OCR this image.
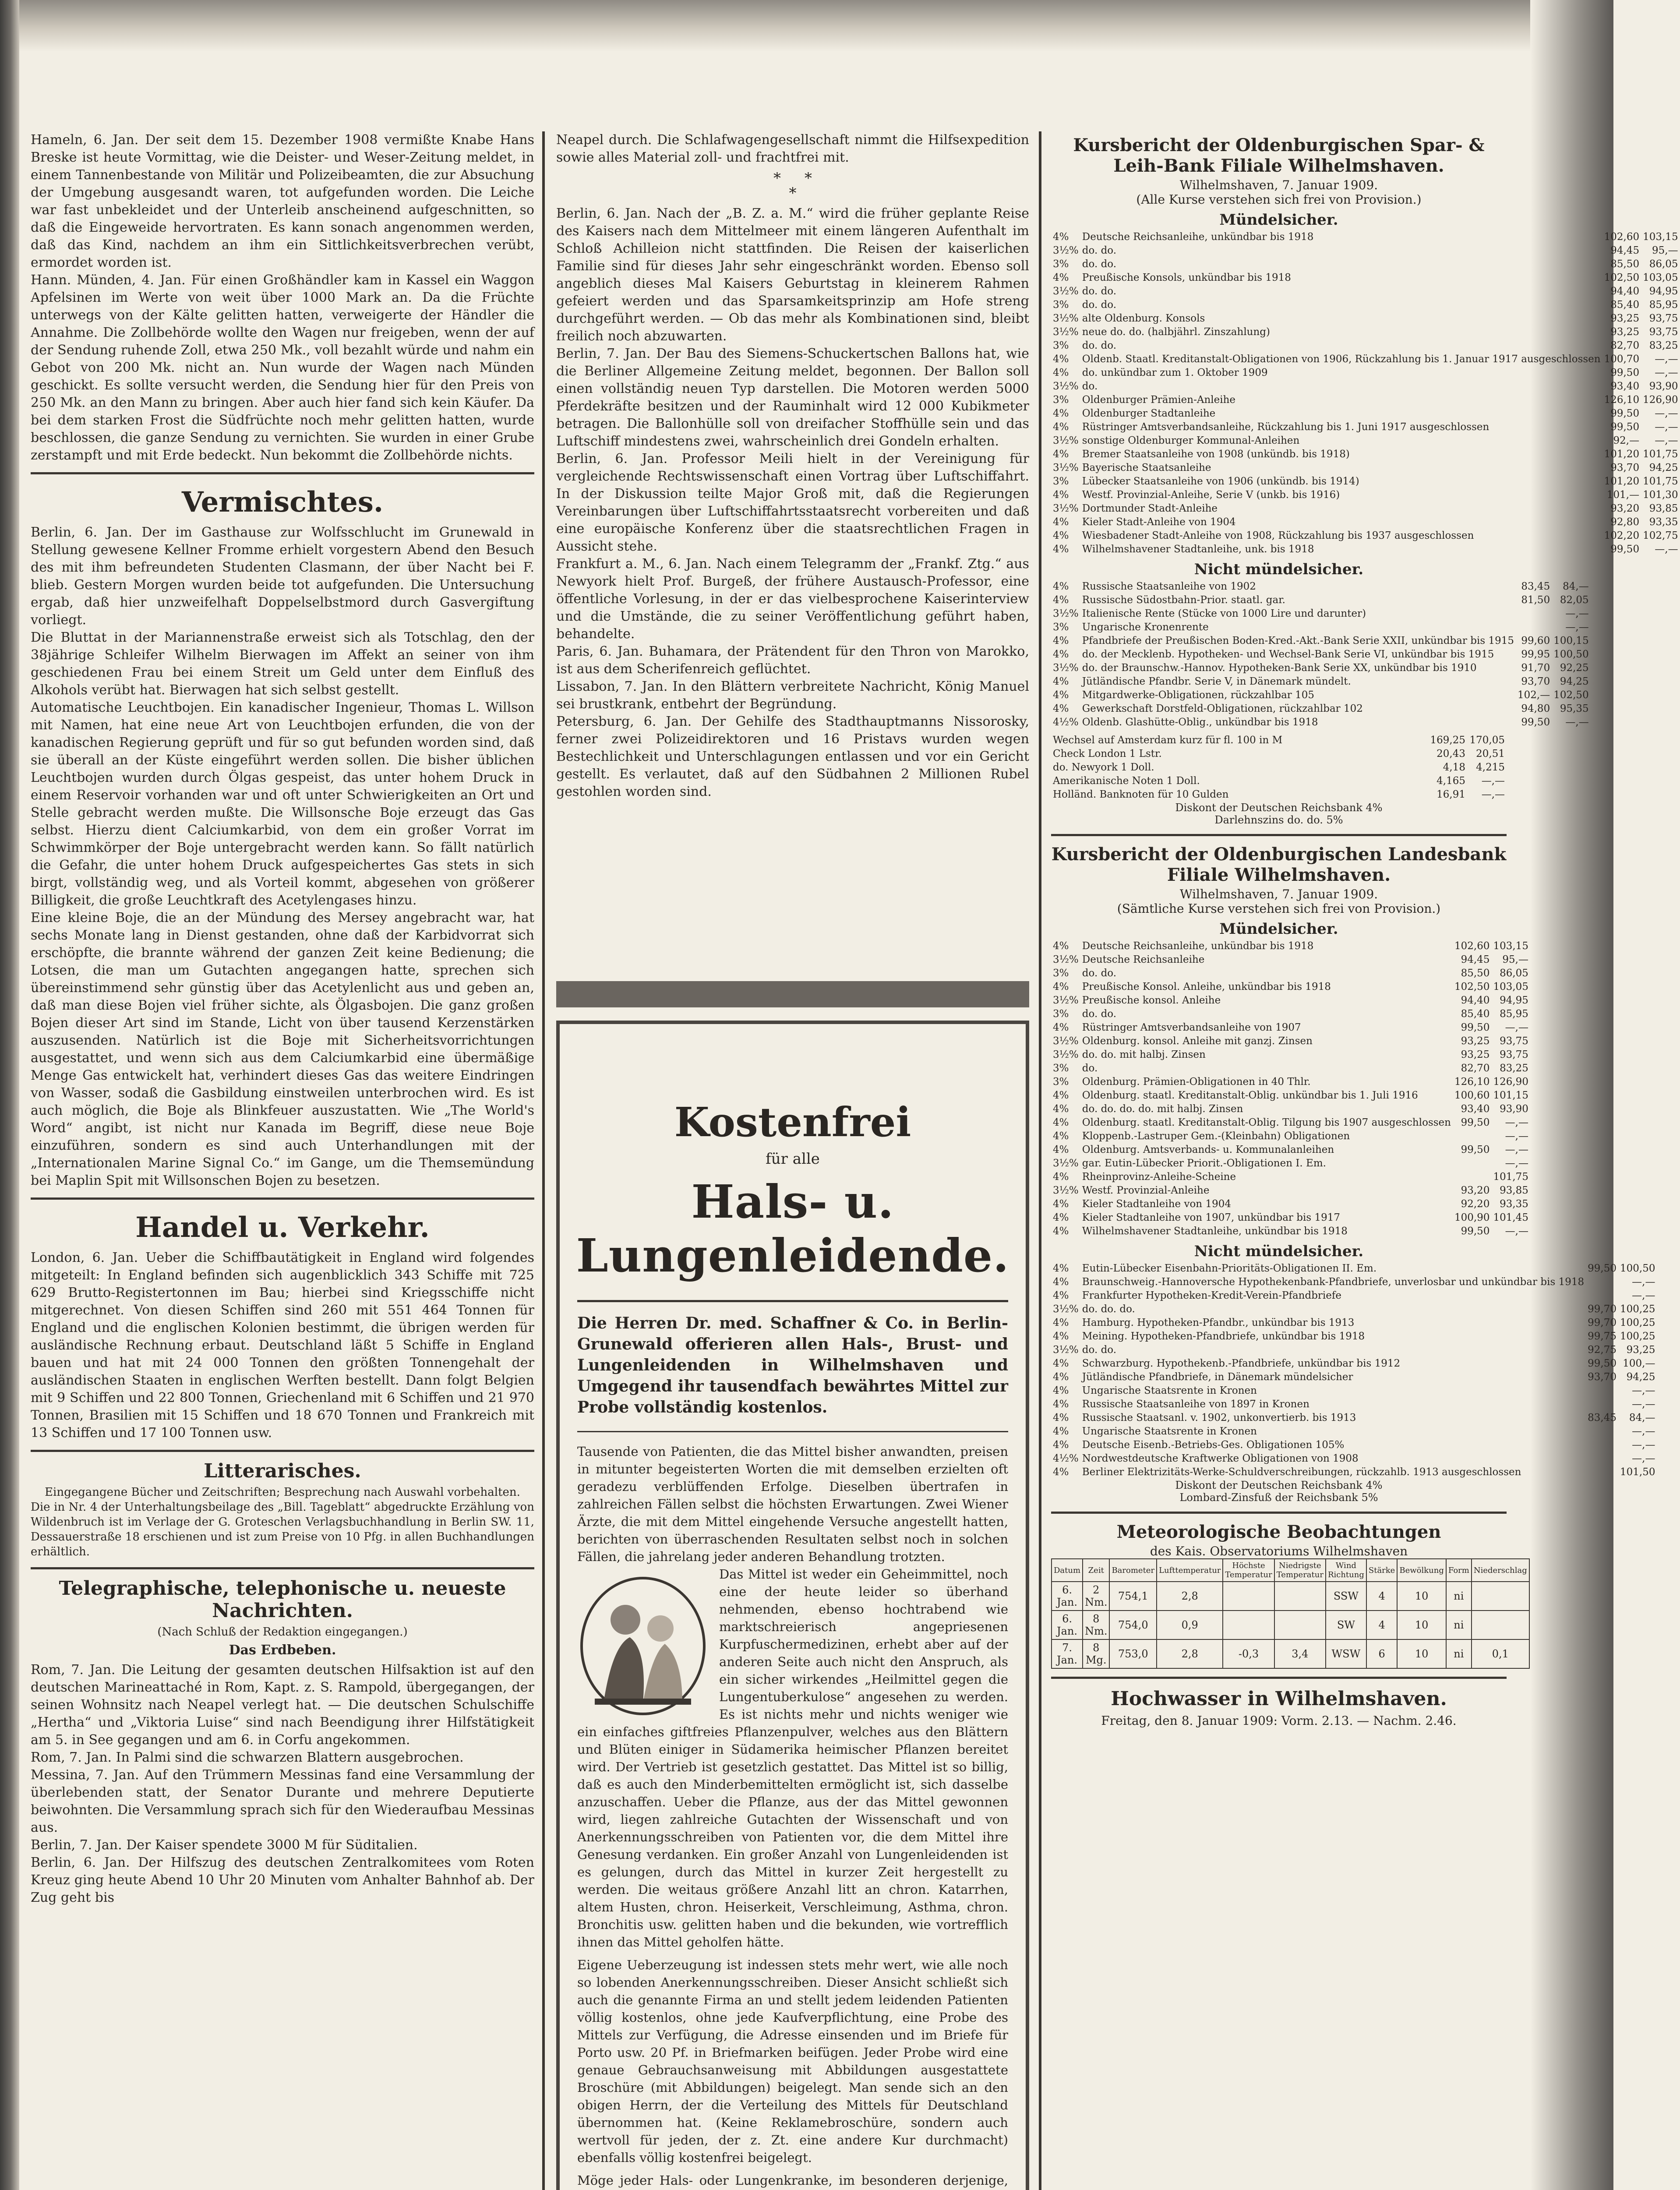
Hameln, 6. Jan. Der seit dem 15. Dezember 1908 vermißte Knabe Hans Breske ist heute Vormittag, wie die Deister- und Weser-Zeitung meldet, in einem Tannenbestande von Militär und Polizeibeamten, die zur Absuchung der Umgebung ausgesandt waren, tot aufgefunden worden. Die Leiche war fast unbekleidet und der Unterleib anscheinend aufgeschnitten, so daß die Eingeweide hervortraten. Es kann sonach angenommen werden, daß das Kind, nachdem an ihm ein Sittlichkeitsverbrechen verübt, ermordet worden ist.

Hann. Münden, 4. Jan. Für einen Großhändler kam in Kassel ein Waggon Apfelsinen im Werte von weit über 1000 Mark an. Da die Früchte unterwegs von der Kälte gelitten hatten, verweigerte der Händler die Annahme. Die Zollbehörde wollte den Wagen nur freigeben, wenn der auf der Sendung ruhende Zoll, etwa 250 Mk., voll bezahlt würde und nahm ein Gebot von 200 Mk. nicht an. Nun wurde der Wagen nach Münden geschickt. Es sollte versucht werden, die Sendung hier für den Preis von 250 Mk. an den Mann zu bringen. Aber auch hier fand sich kein Käufer. Da bei dem starken Frost die Südfrüchte noch mehr gelitten hatten, wurde beschlossen, die ganze Sendung zu vernichten. Sie wurden in einer Grube zerstampft und mit Erde bedeckt. Nun bekommt die Zollbehörde nichts.

Vermischtes.

Berlin, 6. Jan. Der im Gasthause zur Wolfsschlucht im Grunewald in Stellung gewesene Kellner Fromme erhielt vorgestern Abend den Besuch des mit ihm befreundeten Studenten Clasmann, der über Nacht bei F. blieb. Gestern Morgen wurden beide tot aufgefunden. Die Untersuchung ergab, daß hier unzweifelhaft Doppelselbstmord durch Gasvergiftung vorliegt.

Die Bluttat in der Mariannenstraße erweist sich als Totschlag, den der 38jährige Schleifer Wilhelm Bierwagen im Affekt an seiner von ihm geschiedenen Frau bei einem Streit um Geld unter dem Einfluß des Alkohols verübt hat. Bierwagen hat sich selbst gestellt.

Automatische Leuchtbojen. Ein kanadischer Ingenieur, Thomas L. Willson mit Namen, hat eine neue Art von Leuchtbojen erfunden, die von der kanadischen Regierung geprüft und für so gut befunden worden sind, daß sie überall an der Küste eingeführt werden sollen. Die bisher üblichen Leuchtbojen wurden durch Ölgas gespeist, das unter hohem Druck in einem Reservoir vorhanden war und oft unter Schwierigkeiten an Ort und Stelle gebracht werden mußte. Die Willsonsche Boje erzeugt das Gas selbst. Hierzu dient Calciumkarbid, von dem ein großer Vorrat im Schwimmkörper der Boje untergebracht werden kann. So fällt natürlich die Gefahr, die unter hohem Druck aufgespeichertes Gas stets in sich birgt, vollständig weg, und als Vorteil kommt, abgesehen von größerer Billigkeit, die große Leuchtkraft des Acetylengases hinzu.

Eine kleine Boje, die an der Mündung des Mersey angebracht war, hat sechs Monate lang in Dienst gestanden, ohne daß der Karbidvorrat sich erschöpfte, die brannte während der ganzen Zeit keine Bedienung; die Lotsen, die man um Gutachten angegangen hatte, sprechen sich übereinstimmend sehr günstig über das Acetylenlicht aus und geben an, daß man diese Bojen viel früher sichte, als Ölgasbojen. Die ganz großen Bojen dieser Art sind im Stande, Licht von über tausend Kerzenstärken auszusenden. Natürlich ist die Boje mit Sicherheitsvorrichtungen ausgestattet, und wenn sich aus dem Calciumkarbid eine übermäßige Menge Gas entwickelt hat, verhindert dieses Gas das weitere Eindringen von Wasser, sodaß die Gasbildung einstweilen unterbrochen wird. Es ist auch möglich, die Boje als Blinkfeuer auszustatten. Wie „The World's Word“ angibt, ist nicht nur Kanada im Begriff, diese neue Boje einzuführen, sondern es sind auch Unterhandlungen mit der „Internationalen Marine Signal Co.“ im Gange, um die Themsemündung bei Maplin Spit mit Willsonschen Bojen zu besetzen.

Handel u. Verkehr.

London, 6. Jan. Ueber die Schiffbautätigkeit in England wird folgendes mitgeteilt: In England befinden sich augenblicklich 343 Schiffe mit 725 629 Brutto-Registertonnen im Bau; hierbei sind Kriegsschiffe nicht mitgerechnet. Von diesen Schiffen sind 260 mit 551 464 Tonnen für England und die englischen Kolonien bestimmt, die übrigen werden für ausländische Rechnung erbaut. Deutschland läßt 5 Schiffe in England bauen und hat mit 24 000 Tonnen den größten Tonnengehalt der ausländischen Staaten in englischen Werften bestellt. Dann folgt Belgien mit 9 Schiffen und 22 800 Tonnen, Griechenland mit 6 Schiffen und 21 970 Tonnen, Brasilien mit 15 Schiffen und 18 670 Tonnen und Frankreich mit 13 Schiffen und 17 100 Tonnen usw.

Litterarisches.

Eingegangene Bücher und Zeitschriften; Besprechung nach Auswahl vorbehalten.

Die in Nr. 4 der Unterhaltungsbeilage des „Bill. Tageblatt“ abgedruckte Erzählung von Wildenbruch ist im Verlage der G. Groteschen Verlagsbuchhandlung in Berlin SW. 11, Dessauerstraße 18 erschienen und ist zum Preise von 10 Pfg. in allen Buchhandlungen erhältlich.

Telegraphische, telephonische u. neueste Nachrichten.

(Nach Schluß der Redaktion eingegangen.)

Das Erdbeben.

Rom, 7. Jan. Die Leitung der gesamten deutschen Hilfsaktion ist auf den deutschen Marineattaché in Rom, Kapt. z. S. Rampold, übergegangen, der seinen Wohnsitz nach Neapel verlegt hat. — Die deutschen Schulschiffe „Hertha“ und „Viktoria Luise“ sind nach Beendigung ihrer Hilfstätigkeit am 5. in See gegangen und am 6. in Corfu angekommen.

Rom, 7. Jan. In Palmi sind die schwarzen Blattern ausgebrochen.

Messina, 7. Jan. Auf den Trümmern Messinas fand eine Versammlung der überlebenden statt, der Senator Durante und mehrere Deputierte beiwohnten. Die Versammlung sprach sich für den Wiederaufbau Messinas aus.

Berlin, 7. Jan. Der Kaiser spendete 3000 M für Süditalien.

Berlin, 6. Jan. Der Hilfszug des deutschen Zentralkomitees vom Roten Kreuz ging heute Abend 10 Uhr 20 Minuten vom Anhalter Bahnhof ab. Der Zug geht bis

Neapel durch. Die Schlafwagengesellschaft nimmt die Hilfsexpedition sowie alles Material zoll- und frachtfrei mit.

*     *
*

Berlin, 6. Jan. Nach der „B. Z. a. M.“ wird die früher geplante Reise des Kaisers nach dem Mittelmeer mit einem längeren Aufenthalt im Schloß Achilleion nicht stattfinden. Die Reisen der kaiserlichen Familie sind für dieses Jahr sehr eingeschränkt worden. Ebenso soll angeblich dieses Mal Kaisers Geburtstag in kleinerem Rahmen gefeiert werden und das Sparsamkeitsprinzip am Hofe streng durchgeführt werden. — Ob das mehr als Kombinationen sind, bleibt freilich noch abzuwarten.

Berlin, 7. Jan. Der Bau des Siemens-Schuckertschen Ballons hat, wie die Berliner Allgemeine Zeitung meldet, begonnen. Der Ballon soll einen vollständig neuen Typ darstellen. Die Motoren werden 5000 Pferdekräfte besitzen und der Rauminhalt wird 12 000 Kubikmeter betragen. Die Ballonhülle soll von dreifacher Stoffhülle sein und das Luftschiff mindestens zwei, wahrscheinlich drei Gondeln erhalten.

Berlin, 6. Jan. Professor Meili hielt in der Vereinigung für vergleichende Rechtswissenschaft einen Vortrag über Luftschiffahrt. In der Diskussion teilte Major Groß mit, daß die Regierungen Vereinbarungen über Luftschiffahrtsstaatsrecht vorbereiten und daß eine europäische Konferenz über die staatsrechtlichen Fragen in Aussicht stehe.

Frankfurt a. M., 6. Jan. Nach einem Telegramm der „Frankf. Ztg.“ aus Newyork hielt Prof. Burgeß, der frühere Austausch-Professor, eine öffentliche Vorlesung, in der er das vielbesprochene Kaiserinterview und die Umstände, die zu seiner Veröffentlichung geführt haben, behandelte.

Paris, 6. Jan. Buhamara, der Prätendent für den Thron von Marokko, ist aus dem Scherifenreich geflüchtet.

Lissabon, 7. Jan. In den Blättern verbreitete Nachricht, König Manuel sei brustkrank, entbehrt der Begründung.

Petersburg, 6. Jan. Der Gehilfe des Stadthauptmanns Nissorosky, ferner zwei Polizeidirektoren und 16 Pristavs wurden wegen Bestechlichkeit und Unterschlagungen entlassen und vor ein Gericht gestellt. Es verlautet, daß auf den Südbahnen 2 Millionen Rubel gestohlen worden sind.

Kostenfrei
für alle
Hals- u. Lungenleidende.

Die Herren Dr. med. Schaffner & Co. in Berlin-Grunewald offerieren allen Hals-, Brust- und Lungenleidenden in Wilhelmshaven und Umgegend ihr tausendfach bewährtes Mittel zur Probe vollständig kostenlos.

Tausende von Patienten, die das Mittel bisher anwandten, preisen in mitunter begeisterten Worten die mit demselben erzielten oft geradezu verblüffenden Erfolge. Dieselben übertrafen in zahlreichen Fällen selbst die höchsten Erwartungen. Zwei Wiener Ärzte, die mit dem Mittel eingehende Versuche angestellt hatten, berichten von überraschenden Resultaten selbst noch in solchen Fällen, die jahrelang jeder anderen Behandlung trotzten.

Das Mittel ist weder ein Geheimmittel, noch eine der heute leider so überhand nehmenden, ebenso hochtrabend wie marktschreierisch angepriesenen Kurpfuschermedizinen, erhebt aber auf der anderen Seite auch nicht den Anspruch, als ein sicher wirkendes „Heilmittel gegen die Lungentuberkulose“ angesehen zu werden. Es ist nichts mehr und nichts weniger wie ein einfaches giftfreies Pflanzenpulver, welches aus den Blättern und Blüten einiger in Südamerika heimischer Pflanzen bereitet wird. Der Vertrieb ist gesetzlich gestattet. Das Mittel ist so billig, daß es auch den Minderbemittelten ermöglicht ist, sich dasselbe anzuschaffen. Ueber die Pflanze, aus der das Mittel gewonnen wird, liegen zahlreiche Gutachten der Wissenschaft und von Anerkennungsschreiben von Patienten vor, die dem Mittel ihre Genesung verdanken. Ein großer Anzahl von Lungenleidenden ist es gelungen, durch das Mittel in kurzer Zeit hergestellt zu werden. Die weitaus größere Anzahl litt an chron. Katarrhen, altem Husten, chron. Heiserkeit, Verschleimung, Asthma, chron. Bronchitis usw. gelitten haben und die bekunden, wie vortrefflich ihnen das Mittel geholfen hätte.

Eigene Ueberzeugung ist indessen stets mehr wert, wie alle noch so lobenden Anerkennungsschreiben. Dieser Ansicht schließt sich auch die genannte Firma an und stellt jedem leidenden Patienten völlig kostenlos, ohne jede Kaufverpflichtung, eine Probe des Mittels zur Verfügung, die Adresse einsenden und im Briefe für Porto usw. 20 Pf. in Briefmarken beifügen. Jeder Probe wird eine genaue Gebrauchsanweisung mit Abbildungen ausgestattete Broschüre (mit Abbildungen) beigelegt. Man sende sich an den obigen Herrn, der die Verteilung des Mittels für Deutschland übernommen hat. (Keine Reklamebroschüre, sondern auch wertvoll für jeden, der z. Zt. eine andere Kur durchmacht) ebenfalls völlig kostenfrei beigelegt.

Möge jeder Hals- oder Lungenkranke, im besonderen derjenige,

Kursbericht der Oldenburgischen Spar- & Leih-Bank Filiale Wilhelmshaven.

Wilhelmshaven, 7. Januar 1909.

(Alle Kurse verstehen sich frei von Provision.)

Mündelsicher.
4%	Deutsche Reichsanleihe, unkündbar bis 1918	102,60	103,15
3½%	do. do.	94,45	95,—
3%	do. do.	85,50	86,05
4%	Preußische Konsols, unkündbar bis 1918	102,50	103,05
3½%	do. do.	94,40	94,95
3%	do. do.	85,40	85,95
3½%	alte Oldenburg. Konsols	93,25	93,75
3½%	neue do. do. (halbjährl. Zinszahlung)	93,25	93,75
3%	do. do.	82,70	83,25
4%	Oldenb. Staatl. Kreditanstalt-Obligationen von 1906, Rückzahlung bis 1. Januar 1917 ausgeschlossen	100,70	—,—
4%	do. unkündbar zum 1. Oktober 1909	99,50	—,—
3½%	do.	93,40	93,90
3%	Oldenburger Prämien-Anleihe	126,10	126,90
4%	Oldenburger Stadtanleihe	99,50	—,—
4%	Rüstringer Amtsverbandsanleihe, Rückzahlung bis 1. Juni 1917 ausgeschlossen	99,50	—,—
3½%	sonstige Oldenburger Kommunal-Anleihen	92,—	—,—
4%	Bremer Staatsanleihe von 1908 (unkündb. bis 1918)	101,20	101,75
3½%	Bayerische Staatsanleihe	93,70	94,25
3%	Lübecker Staatsanleihe von 1906 (unkündb. bis 1914)	101,20	101,75
4%	Westf. Provinzial-Anleihe, Serie V (unkb. bis 1916)	101,—	101,30
3½%	Dortmunder Stadt-Anleihe	93,20	93,85
4%	Kieler Stadt-Anleihe von 1904	92,80	93,35
4%	Wiesbadener Stadt-Anleihe von 1908, Rückzahlung bis 1937 ausgeschlossen	102,20	102,75
4%	Wilhelmshavener Stadtanleihe, unk. bis 1918	99,50	—,—
Nicht mündelsicher.
4%	Russische Staatsanleihe von 1902	83,45	84,—
4%	Russische Südostbahn-Prior. staatl. gar.	81,50	82,05
3½%	Italienische Rente (Stücke von 1000 Lire und darunter)		—,—
3%	Ungarische Kronenrente		—,—
4%	Pfandbriefe der Preußischen Boden-Kred.-Akt.-Bank Serie XXII, unkündbar bis 1915	99,60	100,15
4%	do. der Mecklenb. Hypotheken- und Wechsel-Bank Serie VI, unkündbar bis 1915	99,95	100,50
3½%	do. der Braunschw.-Hannov. Hypotheken-Bank Serie XX, unkündbar bis 1910	91,70	92,25
4%	Jütländische Pfandbr. Serie V, in Dänemark mündelt.	93,70	94,25
4%	Mitgardwerke-Obligationen, rückzahlbar 105	102,—	102,50
4%	Gewerkschaft Dorstfeld-Obligationen, rückzahlbar 102	94,80	95,35
4½%	Oldenb. Glashütte-Oblig., unkündbar bis 1918	99,50	—,—
Wechsel auf Amsterdam kurz für fl. 100 in M	169,25	170,05
Check London 1 Lstr.	20,43	20,51
do. Newyork 1 Doll.	4,18	4,215
Amerikanische Noten 1 Doll.	4,165	—,—
Holländ. Banknoten für 10 Gulden	16,91	—,—

Diskont der Deutschen Reichsbank 4%

Darlehnszins do. do. 5%

Kursbericht der Oldenburgischen Landesbank Filiale Wilhelmshaven.

Wilhelmshaven, 7. Januar 1909.

(Sämtliche Kurse verstehen sich frei von Provision.)

Mündelsicher.
4%	Deutsche Reichsanleihe, unkündbar bis 1918	102,60	103,15
3½%	Deutsche Reichsanleihe	94,45	95,—
3%	do. do.	85,50	86,05
4%	Preußische Konsol. Anleihe, unkündbar bis 1918	102,50	103,05
3½%	Preußische konsol. Anleihe	94,40	94,95
3%	do. do.	85,40	85,95
4%	Rüstringer Amtsverbandsanleihe von 1907	99,50	—,—
3½%	Oldenburg. konsol. Anleihe mit ganzj. Zinsen	93,25	93,75
3½%	do. do. mit halbj. Zinsen	93,25	93,75
3%	do.	82,70	83,25
3%	Oldenburg. Prämien-Obligationen in 40 Thlr.	126,10	126,90
4%	Oldenburg. staatl. Kreditanstalt-Oblig. unkündbar bis 1. Juli 1916	100,60	101,15
4%	do. do. do. do. mit halbj. Zinsen	93,40	93,90
4%	Oldenburg. staatl. Kreditanstalt-Oblig. Tilgung bis 1907 ausgeschlossen	99,50	—,—
4%	Kloppenb.-Lastruper Gem.-(Kleinbahn) Obligationen		—,—
4%	Oldenburg. Amtsverbands- u. Kommunalanleihen	99,50	—,—
3½%	gar. Eutin-Lübecker Priorit.-Obligationen I. Em.		—,—
4%	Rheinprovinz-Anleihe-Scheine		101,75
3½%	Westf. Provinzial-Anleihe	93,20	93,85
4%	Kieler Stadtanleihe von 1904	92,20	93,35
4%	Kieler Stadtanleihe von 1907, unkündbar bis 1917	100,90	101,45
4%	Wilhelmshavener Stadtanleihe, unkündbar bis 1918	99,50	—,—
Nicht mündelsicher.
4%	Eutin-Lübecker Eisenbahn-Prioritäts-Obligationen II. Em.	99,50	100,50
4%	Braunschweig.-Hannoversche Hypothekenbank-Pfandbriefe, unverlosbar und unkündbar bis 1918		—,—
4%	Frankfurter Hypotheken-Kredit-Verein-Pfandbriefe		—,—
3½%	do. do. do.	99,70	100,25
4%	Hamburg. Hypotheken-Pfandbr., unkündbar bis 1913	99,70	100,25
4%	Meining. Hypotheken-Pfandbriefe, unkündbar bis 1918	99,75	100,25
3½%	do. do.	92,75	93,25
4%	Schwarzburg. Hypothekenb.-Pfandbriefe, unkündbar bis 1912	99,50	100,—
4%	Jütländische Pfandbriefe, in Dänemark mündelsicher	93,70	94,25
4%	Ungarische Staatsrente in Kronen		—,—
4%	Russische Staatsanleihe von 1897 in Kronen		—,—
4%	Russische Staatsanl. v. 1902, unkonvertierb. bis 1913	83,45	84,—
4%	Ungarische Staatsrente in Kronen		—,—
4%	Deutsche Eisenb.-Betriebs-Ges. Obligationen 105%		—,—
4½%	Nordwestdeutsche Kraftwerke Obligationen von 1908		—,—
4%	Berliner Elektrizitäts-Werke-Schuldverschreibungen, rückzahlb. 1913 ausgeschlossen		101,50

Diskont der Deutschen Reichsbank 4%

Lombard-Zinsfuß der Reichsbank 5%

Meteorologische Beobachtungen

des Kais. Observatoriums Wilhelmshaven

Datum	Zeit	Barometer	Lufttemperatur	Höchste Temperatur	Niedrigste Temperatur	Wind Richtung	Stärke	Bewölkung	Form	Niederschlag
6. Jan.	2 Nm.	754,1	2,8			SSW	4	10	ni	
6. Jan.	8 Nm.	754,0	0,9			SW	4	10	ni	
7. Jan.	8 Mg.	753,0	2,8	-0,3	3,4	WSW	6	10	ni	0,1
Hochwasser in Wilhelmshaven.

Freitag, den 8. Januar 1909: Vorm. 2.13. — Nachm. 2.46.
